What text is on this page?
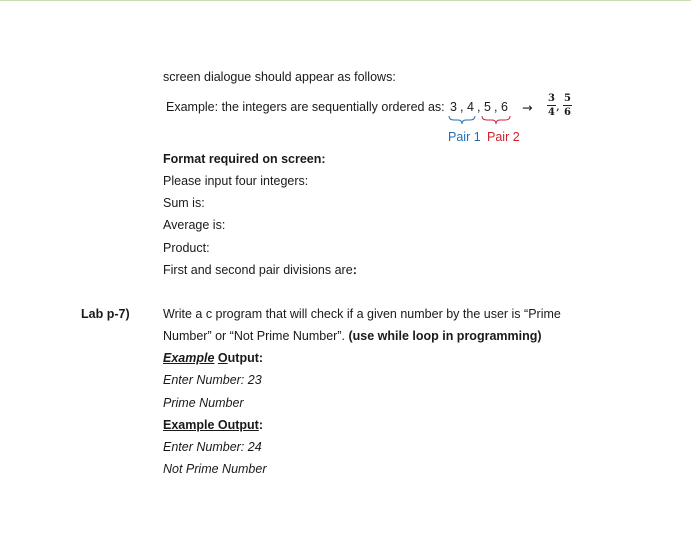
screen dialogue should appear as follows:
Example: the integers are sequentially ordered as: 3 , 4 , 5 , 6 →
3
4 ’
5
6
Pair 1 Pair 2
Format required on screen:
Please input four integers:
Sum is:
Average is:
Product:
First and second pair divisions are:
Lab p-7)	Write a c program that will check if a given number by the user is “Prime
Number” or “Not Prime Number”. (use while loop in programming)
Example Output:
Enter Number: 23
Prime Number
Example Output:
Enter Number: 24
Not Prime Number
